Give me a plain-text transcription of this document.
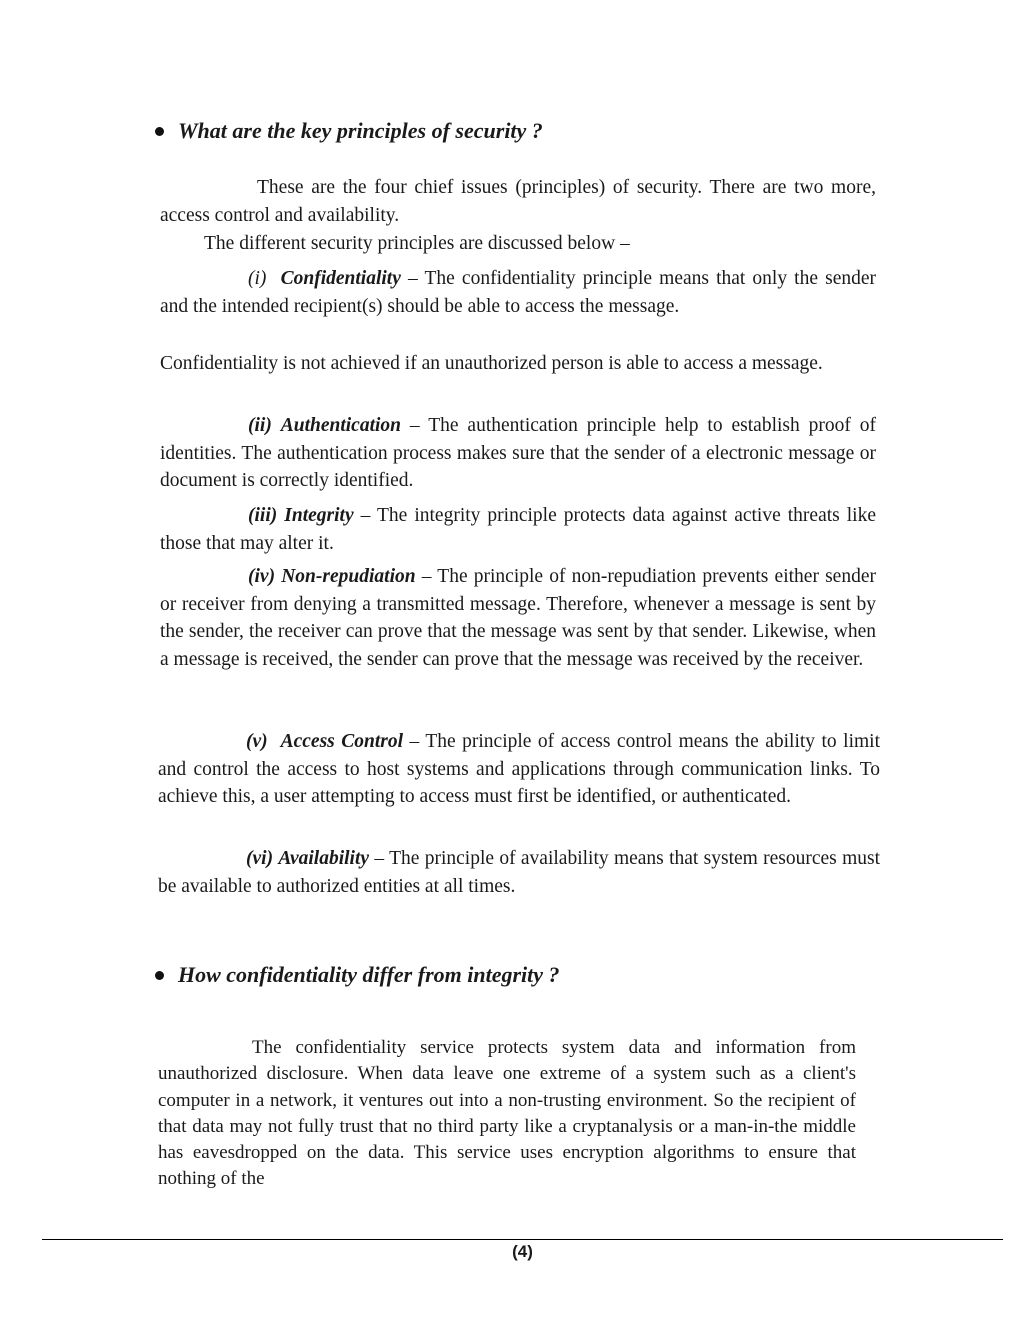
What are the key principles of security ?

These are the four chief issues (principles) of security. There are two more, access control and availability.

The different security principles are discussed below –

(i) Confidentiality – The confidentiality principle means that only the sender and the intended recipient(s) should be able to access the message.

Confidentiality is not achieved if an unauthorized person is able to access a message.

(ii) Authentication – The authentication principle help to establish proof of identities. The authentication process makes sure that the sender of a electronic message or document is correctly identified.

(iii) Integrity – The integrity principle protects data against active threats like those that may alter it.

(iv) Non-repudiation – The principle of non-repudiation prevents either sender or receiver from denying a transmitted message. Therefore, whenever a message is sent by the sender, the receiver can prove that the message was sent by that sender. Likewise, when a message is received, the sender can prove that the message was received by the receiver.

(v) Access Control – The principle of access control means the ability to limit and control the access to host systems and applications through communication links. To achieve this, a user attempting to access must first be identified, or authenticated.

(vi) Availability – The principle of availability means that system resources must be available to authorized entities at all times.

How confidentiality differ from integrity ?

The confidentiality service protects system data and information from unauthorized disclosure. When data leave one extreme of a system such as a client's computer in a network, it ventures out into a non-trusting environment. So the recipient of that data may not fully trust that no third party like a cryptanalysis or a man-in-the middle has eavesdropped on the data. This service uses encryption algorithms to ensure that nothing of the

(4)
